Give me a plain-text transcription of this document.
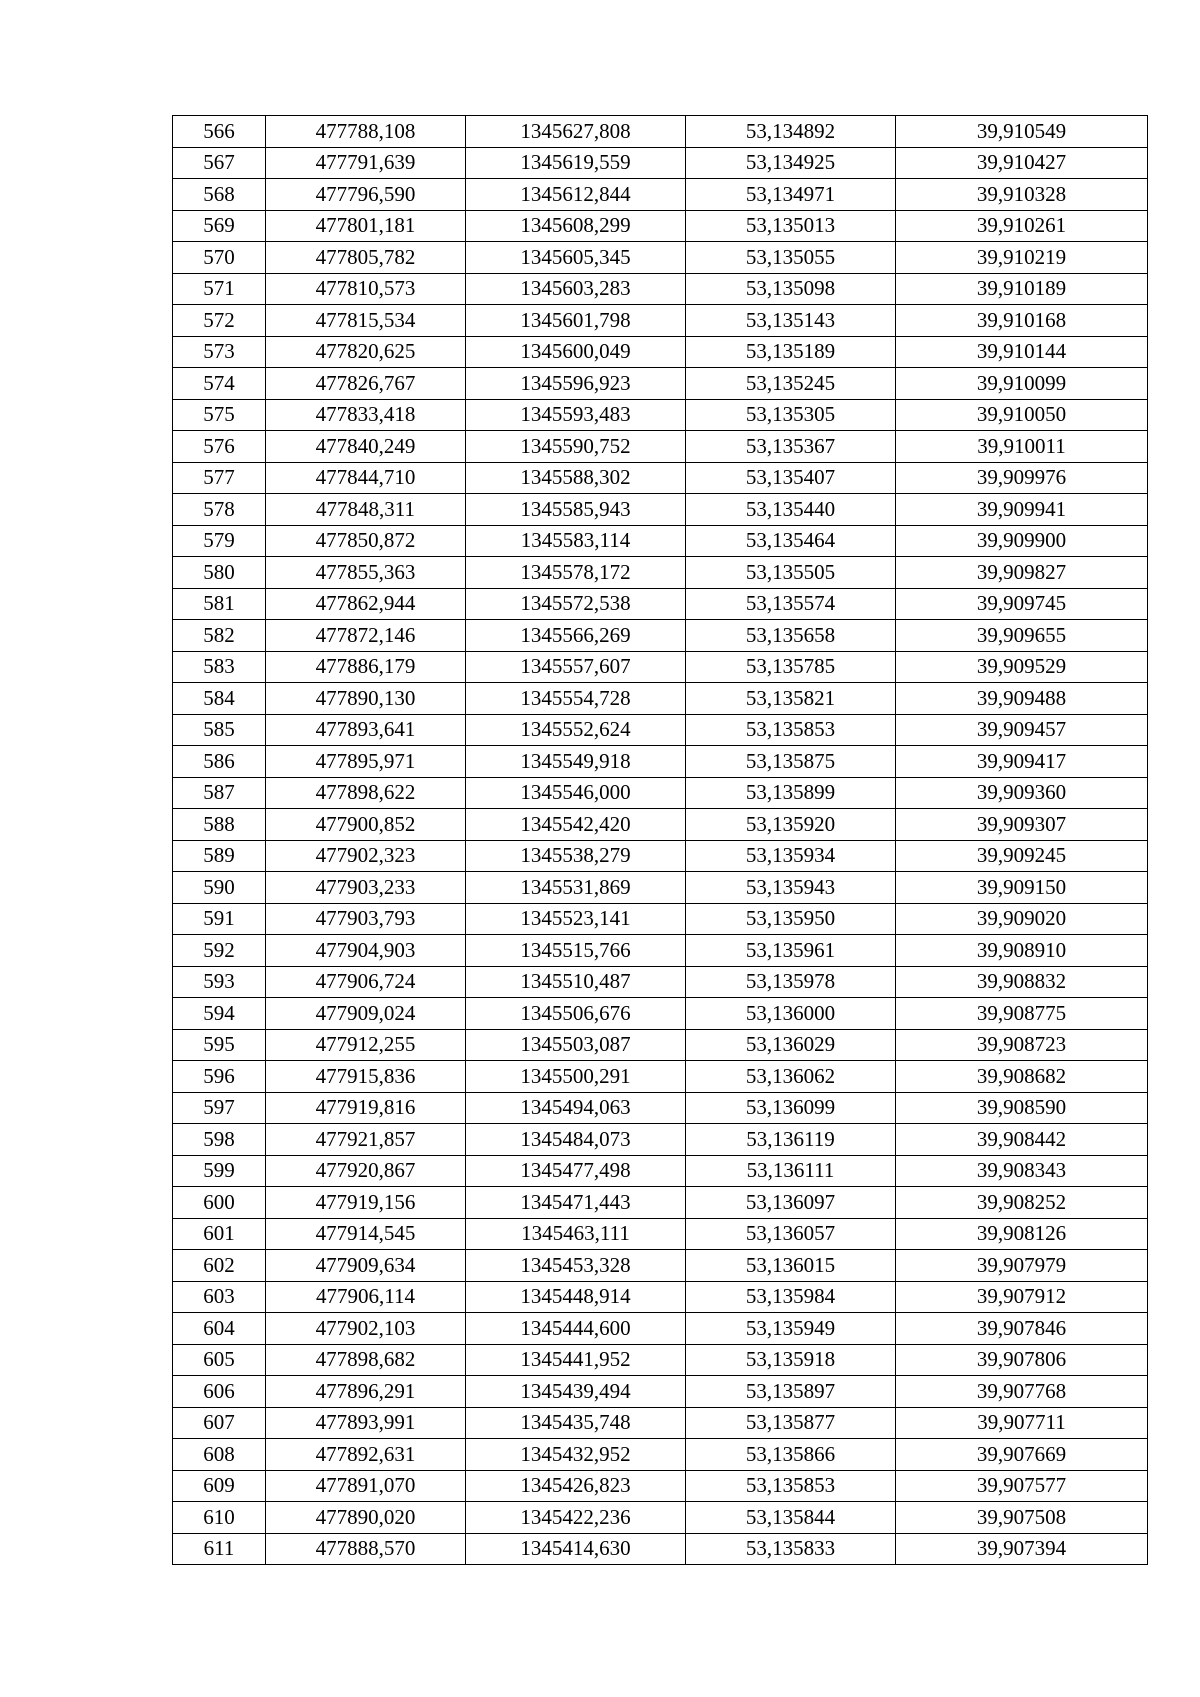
566	477788,108	1345627,808	53,134892	39,910549
567	477791,639	1345619,559	53,134925	39,910427
568	477796,590	1345612,844	53,134971	39,910328
569	477801,181	1345608,299	53,135013	39,910261
570	477805,782	1345605,345	53,135055	39,910219
571	477810,573	1345603,283	53,135098	39,910189
572	477815,534	1345601,798	53,135143	39,910168
573	477820,625	1345600,049	53,135189	39,910144
574	477826,767	1345596,923	53,135245	39,910099
575	477833,418	1345593,483	53,135305	39,910050
576	477840,249	1345590,752	53,135367	39,910011
577	477844,710	1345588,302	53,135407	39,909976
578	477848,311	1345585,943	53,135440	39,909941
579	477850,872	1345583,114	53,135464	39,909900
580	477855,363	1345578,172	53,135505	39,909827
581	477862,944	1345572,538	53,135574	39,909745
582	477872,146	1345566,269	53,135658	39,909655
583	477886,179	1345557,607	53,135785	39,909529
584	477890,130	1345554,728	53,135821	39,909488
585	477893,641	1345552,624	53,135853	39,909457
586	477895,971	1345549,918	53,135875	39,909417
587	477898,622	1345546,000	53,135899	39,909360
588	477900,852	1345542,420	53,135920	39,909307
589	477902,323	1345538,279	53,135934	39,909245
590	477903,233	1345531,869	53,135943	39,909150
591	477903,793	1345523,141	53,135950	39,909020
592	477904,903	1345515,766	53,135961	39,908910
593	477906,724	1345510,487	53,135978	39,908832
594	477909,024	1345506,676	53,136000	39,908775
595	477912,255	1345503,087	53,136029	39,908723
596	477915,836	1345500,291	53,136062	39,908682
597	477919,816	1345494,063	53,136099	39,908590
598	477921,857	1345484,073	53,136119	39,908442
599	477920,867	1345477,498	53,136111	39,908343
600	477919,156	1345471,443	53,136097	39,908252
601	477914,545	1345463,111	53,136057	39,908126
602	477909,634	1345453,328	53,136015	39,907979
603	477906,114	1345448,914	53,135984	39,907912
604	477902,103	1345444,600	53,135949	39,907846
605	477898,682	1345441,952	53,135918	39,907806
606	477896,291	1345439,494	53,135897	39,907768
607	477893,991	1345435,748	53,135877	39,907711
608	477892,631	1345432,952	53,135866	39,907669
609	477891,070	1345426,823	53,135853	39,907577
610	477890,020	1345422,236	53,135844	39,907508
611	477888,570	1345414,630	53,135833	39,907394
